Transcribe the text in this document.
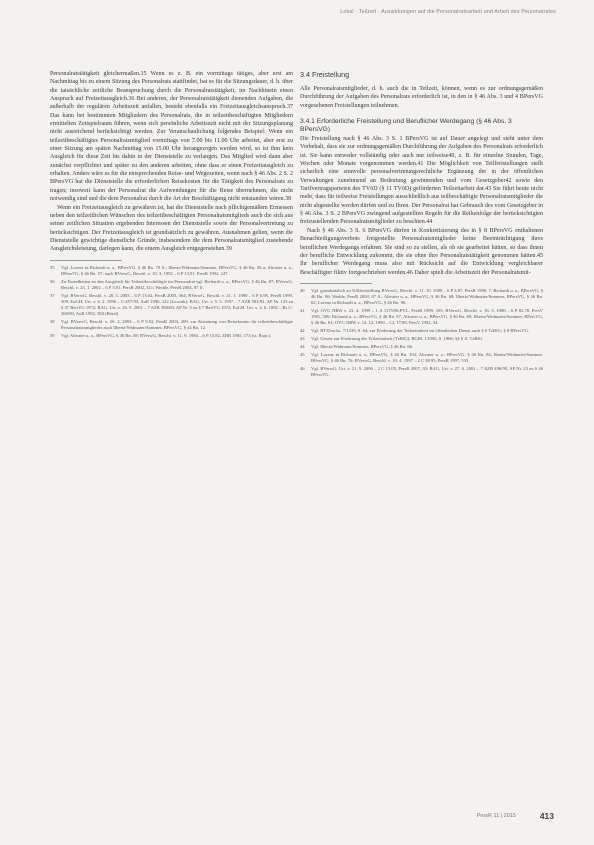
Lokal · Teilzeit · Auswirkungen auf die Personalratsarbeit und Arbeit des Personalrates

Personalratstätigkeit gleichermaßen.35 Wenn es z. B. ein vormittags tätiges, aber erst am Nachmittag bis zu einem Sitzung des Personalrats stattfindet, hat es für die Sitzungsdauer, d. h. über die tatsächliche zeitliche Beanspruchung durch die Personalratstätigkeit, im Nachhinein einen Anspruch auf Freizeitausgleich.36 Bei anderen, der Personalratstätigkeit dienenden Aufgaben, die außerhalb der regulären Arbeitszeit anfallen, besteht ebenfalls ein Freizeitausgleichsanspruch.37 Das kann bei bestimmten Mitgliedern des Personalrats, die in teilzeitbeschäftigten Mitgliedern ermittelten Zeitspielraum führen, wenn sich persönliche Arbeitszeit nicht mit der Sitzungsplanung nicht ausreichend berücksichtigt werden. Zur Veranschaulichung folgendes Beispiel: Wenn ein teilzeitbeschäftigtes Personalratsmitglied vormittags von 7.00 bis 11.00 Uhr arbeitet, aber erst zu einer Sitzung am späten Nachmittag von 15.00 Uhr herangezogen werden wird, so ist ihm kein Ausgleich für diese Zeit bis dahin in der Dienststelle zu verlangen. Das Mitglied wird dann aber zunächst verpflichtet und später zu den anderen arbeiten, ohne dass er einen Freizeitausgleich zu erhalten. Anders wäre es für die entsprechenden Reise- und Wegezeiten, wenn nach § 46 Abs. 2 S. 2 BPersVG hat die Dienststelle die erforderlichen Reisekosten für die Tätigkeit des Personalrats zu tragen; insoweit kann der Personalrat die Aufwendungen für die Reise übernehmen, die nicht notwendig sind und die dem Personalrat durch die Art der Beschäftigung nicht entstanden wären.38

Wenn ein Freizeitausgleich zu gewähren ist, hat die Dienststelle nach pflichtgemäßem Ermessen neben den teilzeitlichen Wünschen des teilzeitbeschäftigten Personalratsmitglieds auch die sich aus seiner zeitlichen Situation ergebenden Interessen der Dienststelle sowie der Personalvertretung zu berücksichtigen. Der Freizeitausgleich ist grundsätzlich zu gewähren. Ausnahmen gelten, wenn die Dienststelle gewichtige dienstliche Gründe, insbesondere die dem Personalratsmitglied zustehende Ausgleichsleistung, darlegen kann, die einem Ausgleich entgegenstehen.39

35	Vgl. Lorenz in Richardi u. a., BPersVG, § 46 Rn. 70 ff.; Ilbertz/Widmaier/Sommer, BPersVG, § 46 Rn. 26 a; Altvater u. a., BPersVG, § 46 Rn. 57; auch BVerwG, Beschl. v. 10. 3. 1992 – 6 P 13.91, PersR 1992, 247.
36	Zu Einzelheiten an den Ausgleich für Teilzeitbeschäftigte im Personalrat vgl. Richardi u. a., BPersVG, § 46 Rn. 87; BVerwG, Beschl. v. 23. 1. 2002 – 6 P 5.01, PersR 2002, 311; Wedde, PersR 2004, 87 ff.
37	Vgl. BVerwG, Beschl. v. 28. 5. 2003 – 6 P 13.02, PersR 2003, 364; BVerwG, Beschl. v. 21. 1. 1999 – 6 P 6.98, PersR 1999, 309; EuGH, Urt. v. 6. 2. 1996 – C-457/93, AuR 1996, 122 (Lewark); BAG, Urt. v. 5. 3. 1997 – 7 AZR 581/92, AP Nr. 123 zu § 37 BetrVG 1972; BAG, Urt. v. 26. 9. 2001 – 7 AZR 388/00, AP Nr. 5 zu § 7 BetrVG 1972; EuGH, Urt. v. 4. 6. 1992 – Rs C-360/90, AuR 1992, 383 (Bötel).
38	Vgl. BVerwG, Beschl. v. 26. 2. 2003 – 6 P 9.02, PersR 2003, 209; zur Erstattung von Reisekosten für teilzeitbeschäftigte Personalratsmitglieder auch Ilbertz/Widmaier/Sommer, BPersVG, § 44 Rn. 12.
39	Vgl. Altvater u. a., BPersVG, § 46 Rn. 58; BVerwG, Beschl. v. 11. 9. 1984 – 6 P 15.82, ZBR 1985, 174 (st. Rspr.).
3.4 Freistellung

Alle Personalratsmitglieder, d. h. auch die in Teilzeit, können, wenn es zur ordnungsgemäßen Durchführung der Aufgaben des Personalrats erforderlich ist, in den in § 46 Abs. 3 und 4 BPersVG vorgesehenen Freistellungen teilnehmen.

3.4.1 Erforderliche Freistellung und Beruflicher Werdegang (§ 46 Abs. 3 BPersVG)

Die Freistellung nach § 46 Abs. 3 S. 1 BPersVG ist auf Dauer angelegt und steht unter dem Vorbehalt, dass sie zur ordnungsgemäßen Durchführung der Aufgaben des Personalrats erforderlich ist. Sie kann entweder vollständig oder auch nur teilweise40, z. B. für einzelne Stunden, Tage, Wochen oder Monate vorgenommen werden.41 Die Möglichkeit von Teilfreistellungen stellt sicherlich eine sinnvolle personalvertretungsrechtliche Ergänzung der in der öffentlichen Verwaltungen zunehmend an Bedeutung gewinnenden und vom Gesetzgeber42 sowie den Tarifvertragsparteien des TVöD (§ 11 TVöD) geförderten Teilzeitarbeit dar.43 Sie führt heute nicht mehr, dass für teilweise Freistellungen ausschließlich aus teilbeschäftigte Personalratsmitglieder die nicht abgestellte werden dürfen und zu Ihren. Der Personalrat hat Gebrauch des vom Gesetzgeber in § 46 Abs. 3 S. 2 BPersVG zwingend aufgestellten Regeln für die Reihenfolge der berücksichtigten freizustellenden Personalratsmitglieder zu beachten.44

Nach § 46 Abs. 3 S. 6 BPersVG dürfen in Konkretisierung des in § 8 BPersVG enthaltenen Benachteiligungsverbots freigestellte Personalratsmitglieder keine Beeinträchtigung ihres beruflichen Werdegangs erfahren. Sie sind so zu stellen, als ob sie gearbeitet hätten, so dass ihnen der berufliche Entwicklung zukommt, die sie ohne ihre Personalratstätigkeit genommen hätten.45 Ihr beruflicher Werdegang muss also mit Rücksicht auf die Entwicklung vergleichbarer Beschäftigter fiktiv fortgeschrieben werden.46 Daher spielt die Arbeitszeit der Personalratsmit-

40	Vgl. grundsätzlich zu Vollfreistellung BVerwG, Beschl. v. 11. 10. 1989 – 6 P 3.87, PersR 1990, 7; Richardi u. a., BPersVG, § 46 Rn. 96; Wedde, PersR 2004, 87 ff.; Altvater u. a., BPersVG, § 46 Rn. 68; Ilbertz/Widmaier/Sommer, BPersVG, § 46 Rn. 62; Lorenz in Richardi u. a., BPersVG, § 46 Rn. 96.
41	Vgl. OVG NRW v. 23. 4. 1999 – 1 A 1175/96.PVL, PersR 1999, 395; BVerwG, Beschl. v. 16. 5. 1980 – 6 P 82.78, PersV 1981, 500; Richardi u. a., BPersVG, § 46 Rn. 97; Altvater u. a., BPersVG, § 46 Rn. 69; Ilbertz/Widmaier/Sommer, BPersVG, § 46 Rn. 63; OVG NRW v. 14. 12. 1990 – CL 17/89, PersV 1992, 34.
42	Vgl. BT-Drucks. 7/1339, S. 64; zur Förderung der Teilzeitarbeit im öffentlichen Dienst auch § 6 TzBfG; § 8 BPersVG.
43	Vgl. Gesetz zur Förderung der Teilzeitarbeit (TzBfG), BGBl. I 2000, S. 1966; §§ 6 ff. TzBfG.
44	Vgl. Ilbertz/Widmaier/Sommer, BPersVG, § 46 Rn. 66.
45	Vgl. Lorenz in Richardi u. a., BPersVG, § 46 Rn. 104; Altvater u. a., BPersVG, § 46 Rn. 84; Ilbertz/Widmaier/Sommer, BPersVG, § 46 Rn. 76; BVerwG, Beschl. v. 10. 4. 1997 – 2 C 38.95, PersR 1997, 533.
46	Vgl. BVerwG, Urt. v. 21. 9. 2006 – 2 C 13.05, PersR 2007, 33; BAG, Urt. v. 27. 6. 2001 – 7 AZR 496/99, AP Nr. 23 zu § 46 BPersVG.
PersR 11 | 2015	413
